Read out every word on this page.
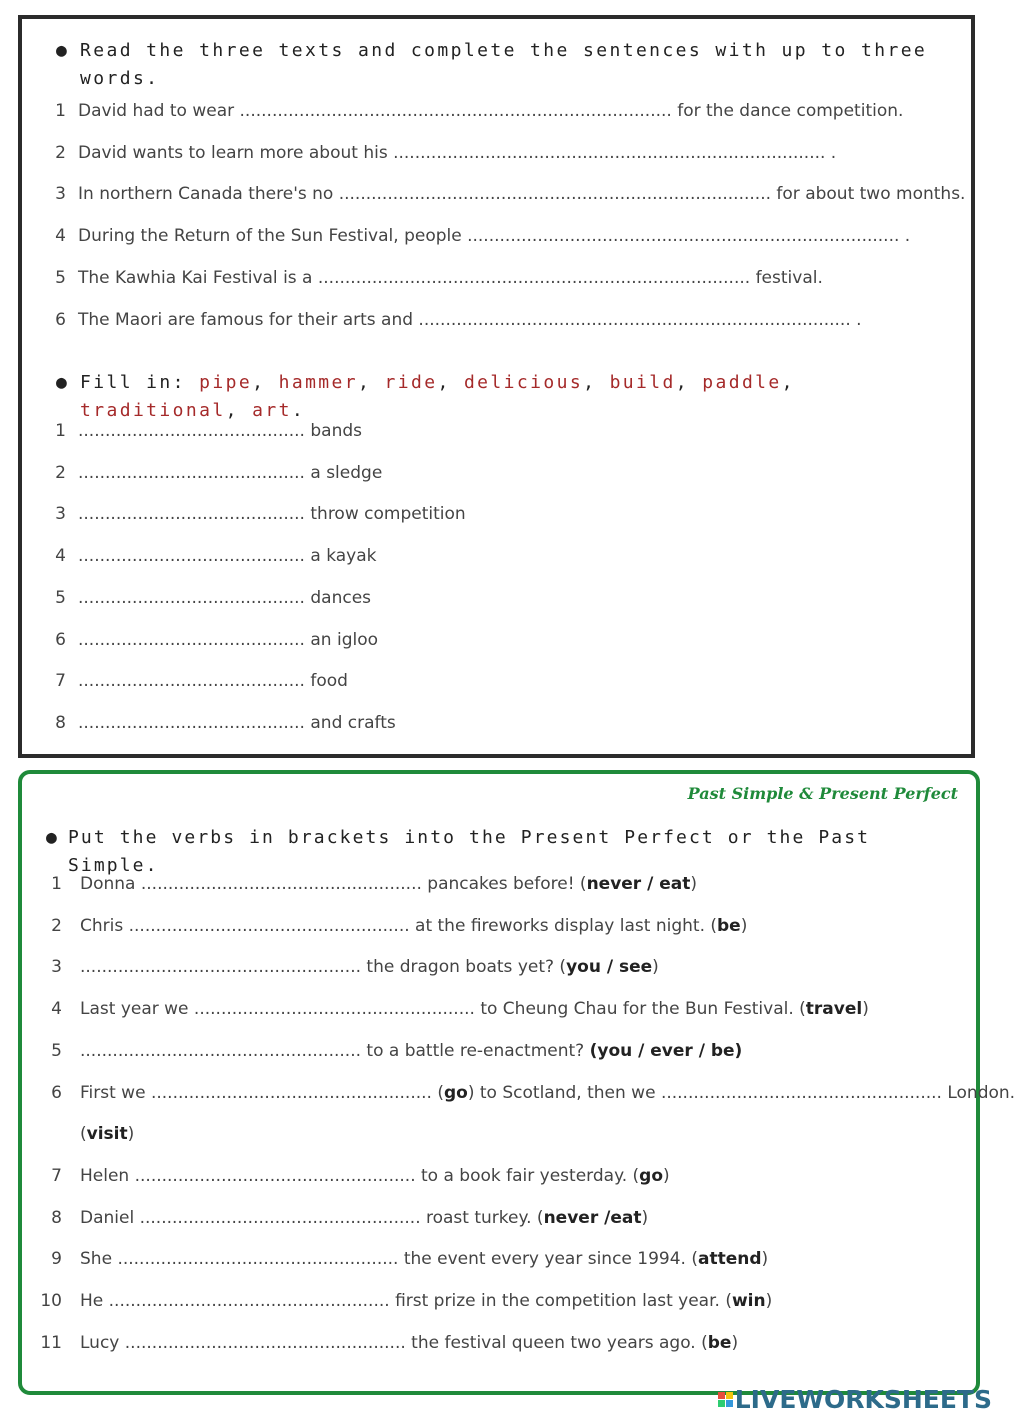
● Read the three texts and complete the sentences with up to three words.
1 David had to wear ................................................................................ for the dance competition.
2 David wants to learn more about his ................................................................................ .
3 In northern Canada there's no ................................................................................ for about two months.
4 During the Return of the Sun Festival, people ................................................................................ .
5 The Kawhia Kai Festival is a ................................................................................ festival.
6 The Maori are famous for their arts and ................................................................................ .
● Fill in: pipe, hammer, ride, delicious, build, paddle, traditional, art.
1 .......................................... bands
2 .......................................... a sledge
3 .......................................... throw competition
4 .......................................... a kayak
5 .......................................... dances
6 .......................................... an igloo
7 .......................................... food
8 .......................................... and crafts
Past Simple & Present Perfect
● Put the verbs in brackets into the Present Perfect or the Past Simple.
1 Donna .................................................... pancakes before! (never / eat)
2 Chris .................................................... at the fireworks display last night. (be)
3 .................................................... the dragon boats yet? (you / see)
4 Last year we .................................................... to Cheung Chau for the Bun Festival. (travel)
5 .................................................... to a battle re-enactment? (you / ever / be)
6 First we .................................................... (go) to Scotland, then we .................................................... London.
(visit)
7 Helen .................................................... to a book fair yesterday. (go)
8 Daniel .................................................... roast turkey. (never /eat)
9 She .................................................... the event every year since 1994. (attend)
10 He .................................................... first prize in the competition last year. (win)
11 Lucy .................................................... the festival queen two years ago. (be)
LIVEWORKSHEETS
